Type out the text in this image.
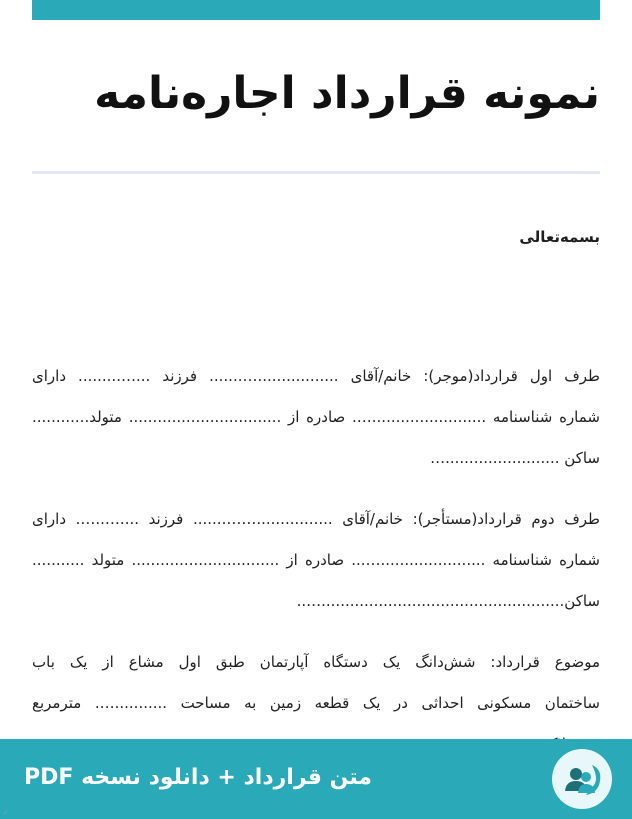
نمونه قرارداد اجاره‌نامه

بسمه‌تعالی

طرف اول قرارداد(موجر): خانم/آقای .................…....... فرزند ...…......... دارای
شماره شناسنامه ........................…. صادره از ................................ متولد............
ساکن ........................…

طرف دوم قرارداد(مستأجر): خانم/آقای ................……....... فرزند ....…..…. دارای
شماره شناسنامه ......................…... صادره از ............................... متولد ...........
ساکن...................................................…..

موضوع قرارداد: شش‌دانگ یک دستگاه آپارتمان طبق اول مشاع از یک باب
ساختمان مسکونی احداثی در یک قطعه زمین به مساحت ...........…. مترمربع

متن قرارداد + دانلود نسخه PDF
٫
